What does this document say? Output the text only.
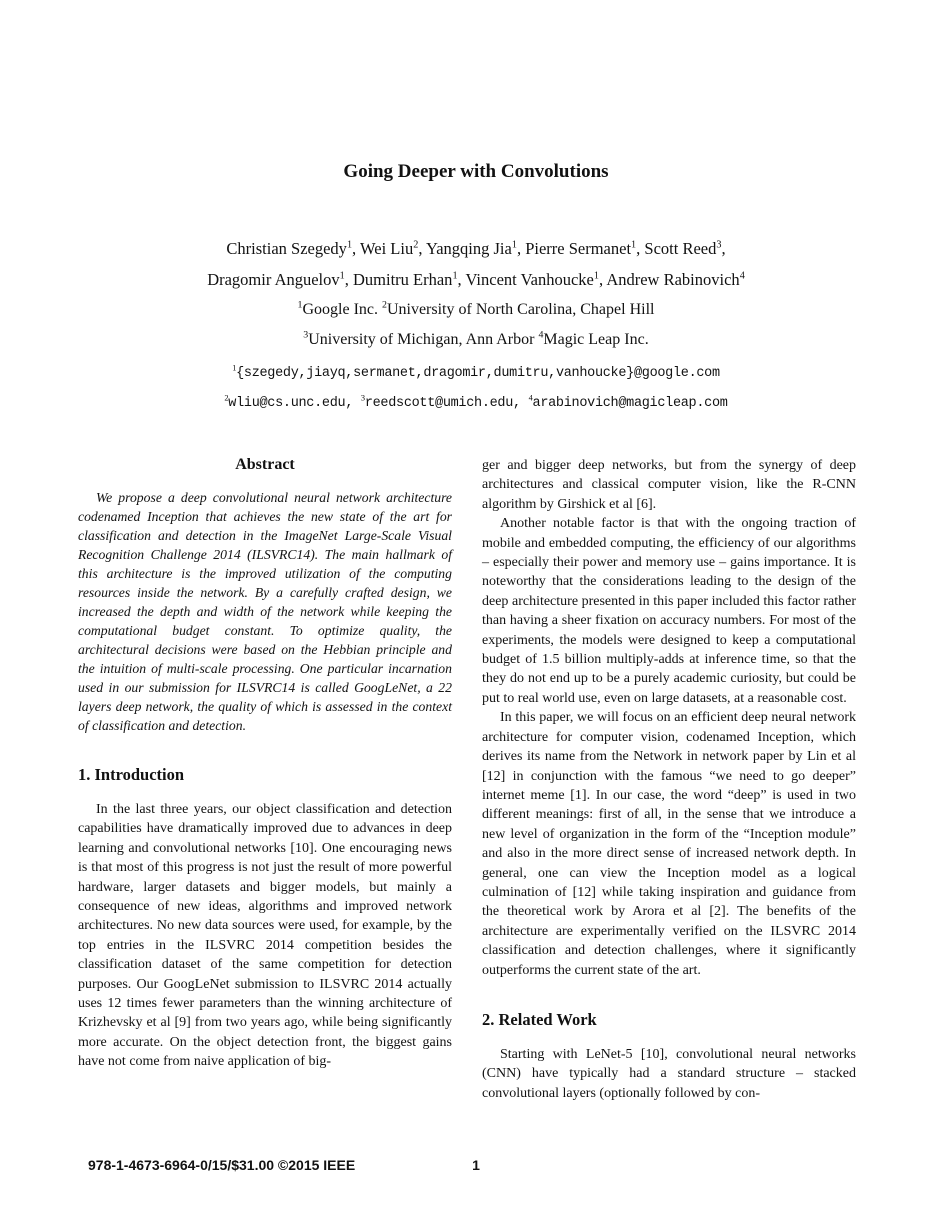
Going Deeper with Convolutions
Christian Szegedy$^1$, Wei Liu$^2$, Yangqing Jia$^1$, Pierre Sermanet$^1$, Scott Reed$^3$,
Dragomir Anguelov$^1$, Dumitru Erhan$^1$, Vincent Vanhoucke$^1$, Andrew Rabinovich$^4$
$^1$Google Inc. $^2$University of North Carolina, Chapel Hill
$^3$University of Michigan, Ann Arbor $^4$Magic Leap Inc.
$^1${szegedy,jiayq,sermanet,dragomir,dumitru,vanhoucke}@google.com
$^2$wliu@cs.unc.edu, $^3$reedscott@umich.edu, $^4$arabinovich@magicleap.com
Abstract
We propose a deep convolutional neural network architecture codenamed Inception that achieves the new state of the art for classification and detection in the ImageNet Large-Scale Visual Recognition Challenge 2014 (ILSVRC14). The main hallmark of this architecture is the improved utilization of the computing resources inside the network. By a carefully crafted design, we increased the depth and width of the network while keeping the computational budget constant. To optimize quality, the architectural decisions were based on the Hebbian principle and the intuition of multi-scale processing. One particular incarnation used in our submission for ILSVRC14 is called GoogLeNet, a 22 layers deep network, the quality of which is assessed in the context of classification and detection.
1. Introduction
In the last three years, our object classification and detection capabilities have dramatically improved due to advances in deep learning and convolutional networks [10]. One encouraging news is that most of this progress is not just the result of more powerful hardware, larger datasets and bigger models, but mainly a consequence of new ideas, algorithms and improved network architectures. No new data sources were used, for example, by the top entries in the ILSVRC 2014 competition besides the classification dataset of the same competition for detection purposes. Our GoogLeNet submission to ILSVRC 2014 actually uses 12 times fewer parameters than the winning architecture of Krizhevsky et al [9] from two years ago, while being significantly more accurate. On the object detection front, the biggest gains have not come from naive application of big-
ger and bigger deep networks, but from the synergy of deep architectures and classical computer vision, like the R-CNN algorithm by Girshick et al [6].
Another notable factor is that with the ongoing traction of mobile and embedded computing, the efficiency of our algorithms – especially their power and memory use – gains importance. It is noteworthy that the considerations leading to the design of the deep architecture presented in this paper included this factor rather than having a sheer fixation on accuracy numbers. For most of the experiments, the models were designed to keep a computational budget of 1.5 billion multiply-adds at inference time, so that the they do not end up to be a purely academic curiosity, but could be put to real world use, even on large datasets, at a reasonable cost.
In this paper, we will focus on an efficient deep neural network architecture for computer vision, codenamed Inception, which derives its name from the Network in network paper by Lin et al [12] in conjunction with the famous “we need to go deeper” internet meme [1]. In our case, the word “deep” is used in two different meanings: first of all, in the sense that we introduce a new level of organization in the form of the “Inception module” and also in the more direct sense of increased network depth. In general, one can view the Inception model as a logical culmination of [12] while taking inspiration and guidance from the theoretical work by Arora et al [2]. The benefits of the architecture are experimentally verified on the ILSVRC 2014 classification and detection challenges, where it significantly outperforms the current state of the art.
2. Related Work
Starting with LeNet-5 [10], convolutional neural networks (CNN) have typically had a standard structure – stacked convolutional layers (optionally followed by con-
978-1-4673-6964-0/15/$31.00 ©2015 IEEE	1
